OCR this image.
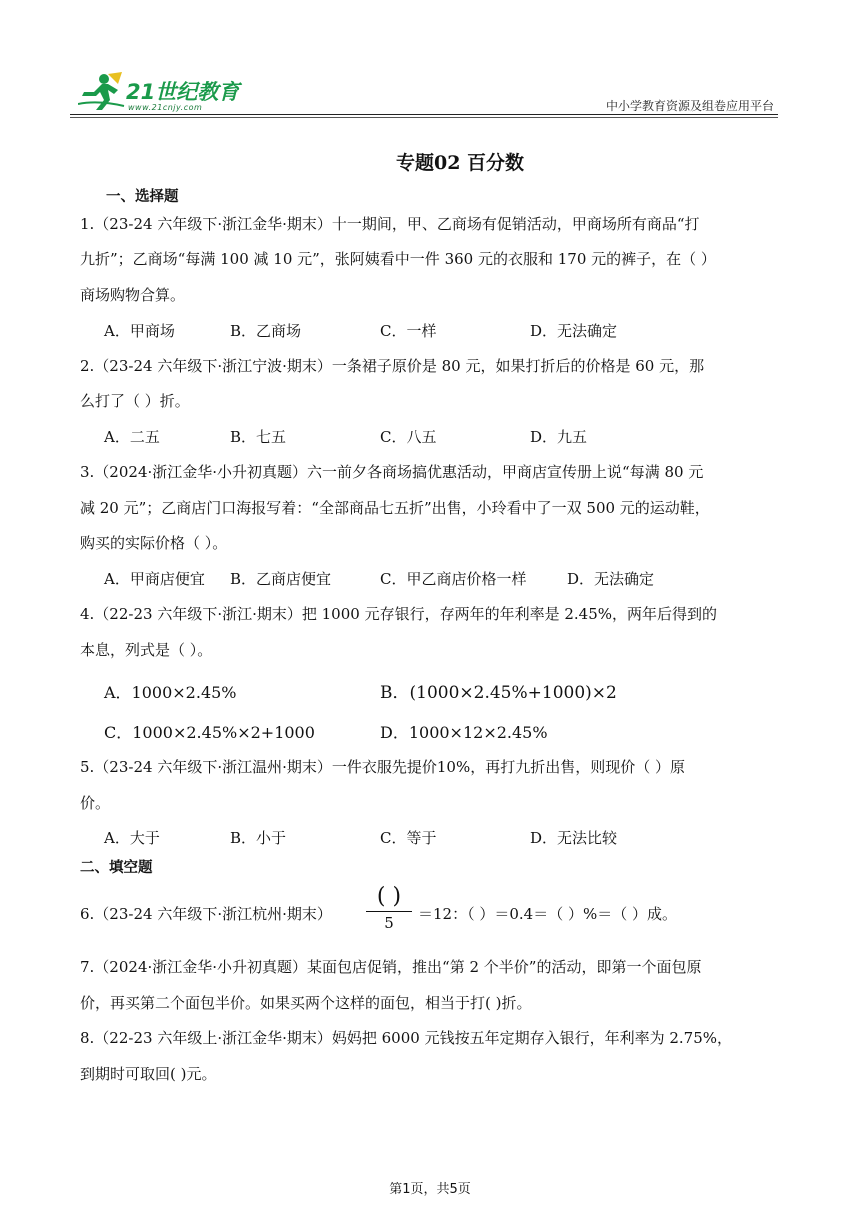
21世纪教育
www.21cnjy.com	中小学教育资源及组卷应用平台
专题02 百分数
一、选择题
1.（23-24 六年级下·浙江金华·期末）十一期间，甲、乙商场有促销活动，甲商场所有商品“打
九折”；乙商场“每满 100 减 10 元”，张阿姨看中一件 360 元的衣服和 170 元的裤子，在（ ）
商场购物合算。
A．甲商场	B．乙商场	C．一样	D．无法确定
2.（23-24 六年级下·浙江宁波·期末）一条裙子原价是 80 元，如果打折后的价格是 60 元，那
么打了（ ）折。
A．二五	B．七五	C．八五	D．九五
3.（2024·浙江金华·小升初真题）六一前夕各商场搞优惠活动，甲商店宣传册上说“每满 80 元
减 20 元”；乙商店门口海报写着：“全部商品七五折”出售，小玲看中了一双 500 元的运动鞋，
购买的实际价格（ ）。
A．甲商店便宜 B．乙商店便宜	C．甲乙商店价格一样	D．无法确定
4.（22-23 六年级下·浙江·期末）把 1000 元存银行，存两年的年利率是 2.45%，两年后得到的
本息，列式是（ ）。
A．1000×2.45%	B．(1000×2.45%+1000)×2
C．1000×2.45%×2+1000	D．1000×12×2.45%
5.（23-24 六年级下·浙江温州·期末）一件衣服先提价10%，再打九折出售，则现价（ ）原
价。
A．大于	B．小于	C．等于	D．无法比较
二、填空题
6.（23-24 六年级下·浙江杭州·期末）
( )
5	＝12：（ ）＝0.4＝（ ）%＝（ ）成。
7.（2024·浙江金华·小升初真题）某面包店促销，推出“第 2 个半价”的活动，即第一个面包原
价，再买第二个面包半价。如果买两个这样的面包，相当于打( )折。
8.（22-23 六年级上·浙江金华·期末）妈妈把 6000 元钱按五年定期存入银行，年利率为 2.75%，
到期时可取回( )元。
第1页，共5页
